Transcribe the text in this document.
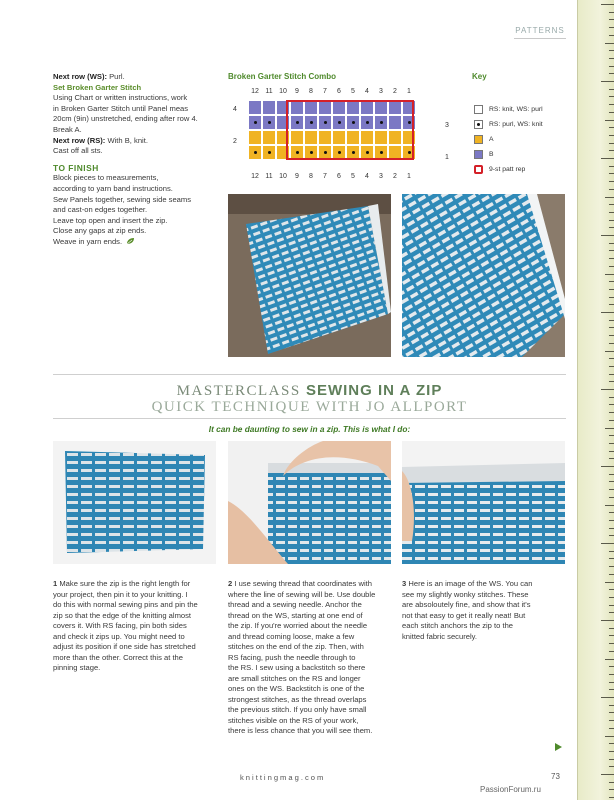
PATTERNS
Next row (WS): Purl.
Set Broken Garter Stitch
Using Chart or written instructions, work
in Broken Garter Stitch until Panel meas
20cm (9in) unstretched, ending after row 4.
Break A.
Next row (RS): With B, knit.
Cast off all sts.
TO FINISH
Block pieces to measurements,
according to yarn band instructions.
Sew Panels together, sewing side seams
and cast-on edges together.
Leave top open and insert the zip.
Close any gaps at zip ends.
Weave in yarn ends.
Broken Garter Stitch Combo
12 11 10	9	8	7	6	5	4	3	2	1
12 11 10	9	8	7	6	5	4	3	2	1
4
2
3
1
Key
RS: knit, WS: purl
RS: purl, WS: knit
A
B
9-st patt rep
MASTERCLASS SEWING IN A ZIP
QUICK TECHNIQUE WITH JO ALLPORT
It can be daunting to sew in a zip. This is what I do:
1 Make sure the zip is the right length for
your project, then pin it to your knitting. I
do this with normal sewing pins and pin the
zip so that the edge of the knitting almost
covers it. With RS facing, pin both sides
and check it zips up. You might need to
adjust its position if one side has stretched
more than the other. Correct this at the
pinning stage.
2 I use sewing thread that coordinates with
where the line of sewing will be. Use double
thread and a sewing needle. Anchor the
thread on the WS, starting at one end of
the zip. If you're worried about the needle
and thread coming loose, make a few
stitches on the end of the zip. Then, with
RS facing, push the needle through to
the RS. I sew using a backstitch so there
are small stitches on the RS and longer
ones on the WS. Backstitch is one of the
strongest stitches, as the thread overlaps
the previous stitch. If you only have small
stitches visible on the RS of your work,
there is less chance that you will see them.
3 Here is an image of the WS. You can
see my slightly wonky stitches. These
are absoloutely fine, and show that it's
not that easy to get it really neat! But
each stitch anchors the zip to the
knitted fabric securely.
knittingmag.com	73
PassionForum.ru
